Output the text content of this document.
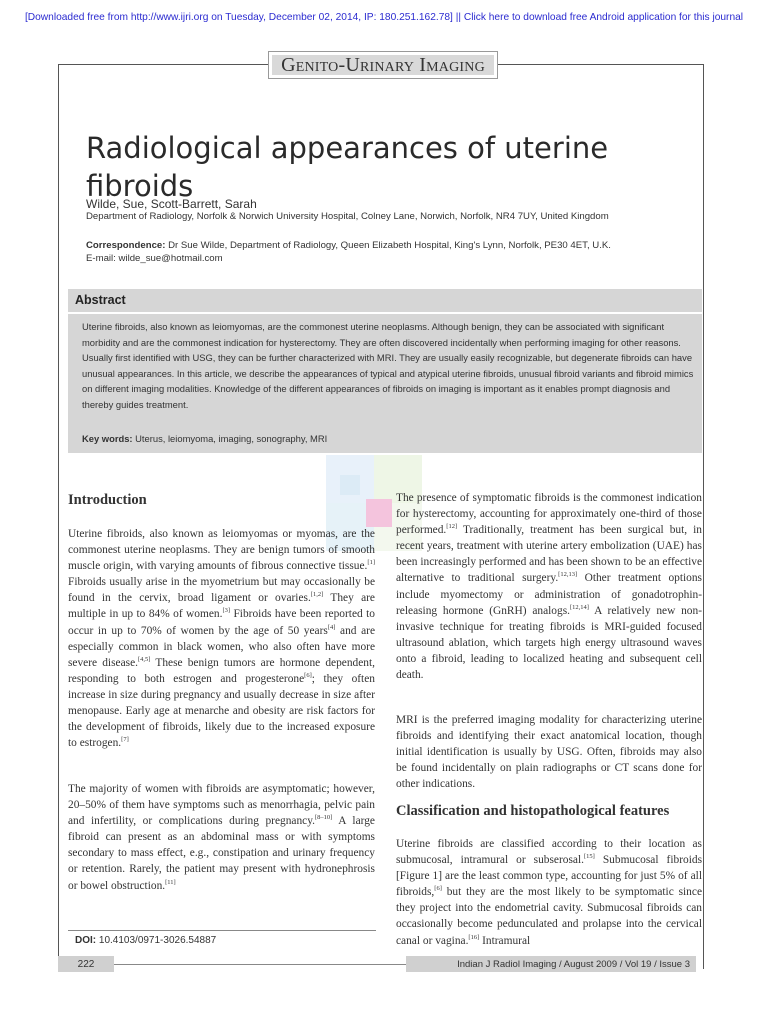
[Downloaded free from http://www.ijri.org on Tuesday, December 02, 2014, IP: 180.251.162.78] || Click here to download free Android application for this journal
Genito-Urinary Imaging
Radiological appearances of uterine fibroids
Wilde, Sue, Scott-Barrett, Sarah
Department of Radiology, Norfolk & Norwich University Hospital, Colney Lane, Norwich, Norfolk, NR4 7UY, United Kingdom
Correspondence: Dr Sue Wilde, Department of Radiology, Queen Elizabeth Hospital, King's Lynn, Norfolk, PE30 4ET, U.K.
E-mail: wilde_sue@hotmail.com
Abstract
Uterine fibroids, also known as leiomyomas, are the commonest uterine neoplasms. Although benign, they can be associated with significant morbidity and are the commonest indication for hysterectomy. They are often discovered incidentally when performing imaging for other reasons. Usually first identified with USG, they can be further characterized with MRI. They are usually easily recognizable, but degenerate fibroids can have unusual appearances. In this article, we describe the appearances of typical and atypical uterine fibroids, unusual fibroid variants and fibroid mimics on different imaging modalities. Knowledge of the different appearances of fibroids on imaging is important as it enables prompt diagnosis and thereby guides treatment.
Key words: Uterus, leiomyoma, imaging, sonography, MRI
Introduction

Uterine fibroids, also known as leiomyomas or myomas, are the commonest uterine neoplasms. They are benign tumors of smooth muscle origin, with varying amounts of fibrous connective tissue.[1] Fibroids usually arise in the myometrium but may occasionally be found in the cervix, broad ligament or ovaries.[1,2] They are multiple in up to 84% of women.[3] Fibroids have been reported to occur in up to 70% of women by the age of 50 years[4] and are especially common in black women, who also often have more severe disease.[4,5] These benign tumors are hormone dependent, responding to both estrogen and progesterone[6]; they often increase in size during pregnancy and usually decrease in size after menopause. Early age at menarche and obesity are risk factors for the development of fibroids, likely due to the increased exposure to estrogen.[7]

The majority of women with fibroids are asymptomatic; however, 20–50% of them have symptoms such as menorrhagia, pelvic pain and infertility, or complications during pregnancy.[8–10] A large fibroid can present as an abdominal mass or with symptoms secondary to mass effect, e.g., constipation and urinary frequency or retention. Rarely, the patient may present with hydronephrosis or bowel obstruction.[11]

DOI: 10.4103/0971-3026.54887

The presence of symptomatic fibroids is the commonest indication for hysterectomy, accounting for approximately one-third of those performed.[12] Traditionally, treatment has been surgical but, in recent years, treatment with uterine artery embolization (UAE) has been increasingly performed and has been shown to be an effective alternative to traditional surgery.[12,13] Other treatment options include myomectomy or administration of gonadotrophin-releasing hormone (GnRH) analogs.[12,14] A relatively new non-invasive technique for treating fibroids is MRI-guided focused ultrasound ablation, which targets high energy ultrasound waves onto a fibroid, leading to localized heating and subsequent cell death.

MRI is the preferred imaging modality for characterizing uterine fibroids and identifying their exact anatomical location, though initial identification is usually by USG. Often, fibroids may also be found incidentally on plain radiographs or CT scans done for other indications.

Classification and histopathological features

Uterine fibroids are classified according to their location as submucosal, intramural or subserosal.[15] Submucosal fibroids [Figure 1] are the least common type, accounting for just 5% of all fibroids,[6] but they are the most likely to be symptomatic since they project into the endometrial cavity. Submucosal fibroids can occasionally become pedunculated and prolapse into the cervical canal or vagina.[16] Intramural

222	Indian J Radiol Imaging / August 2009 / Vol 19 / Issue 3
